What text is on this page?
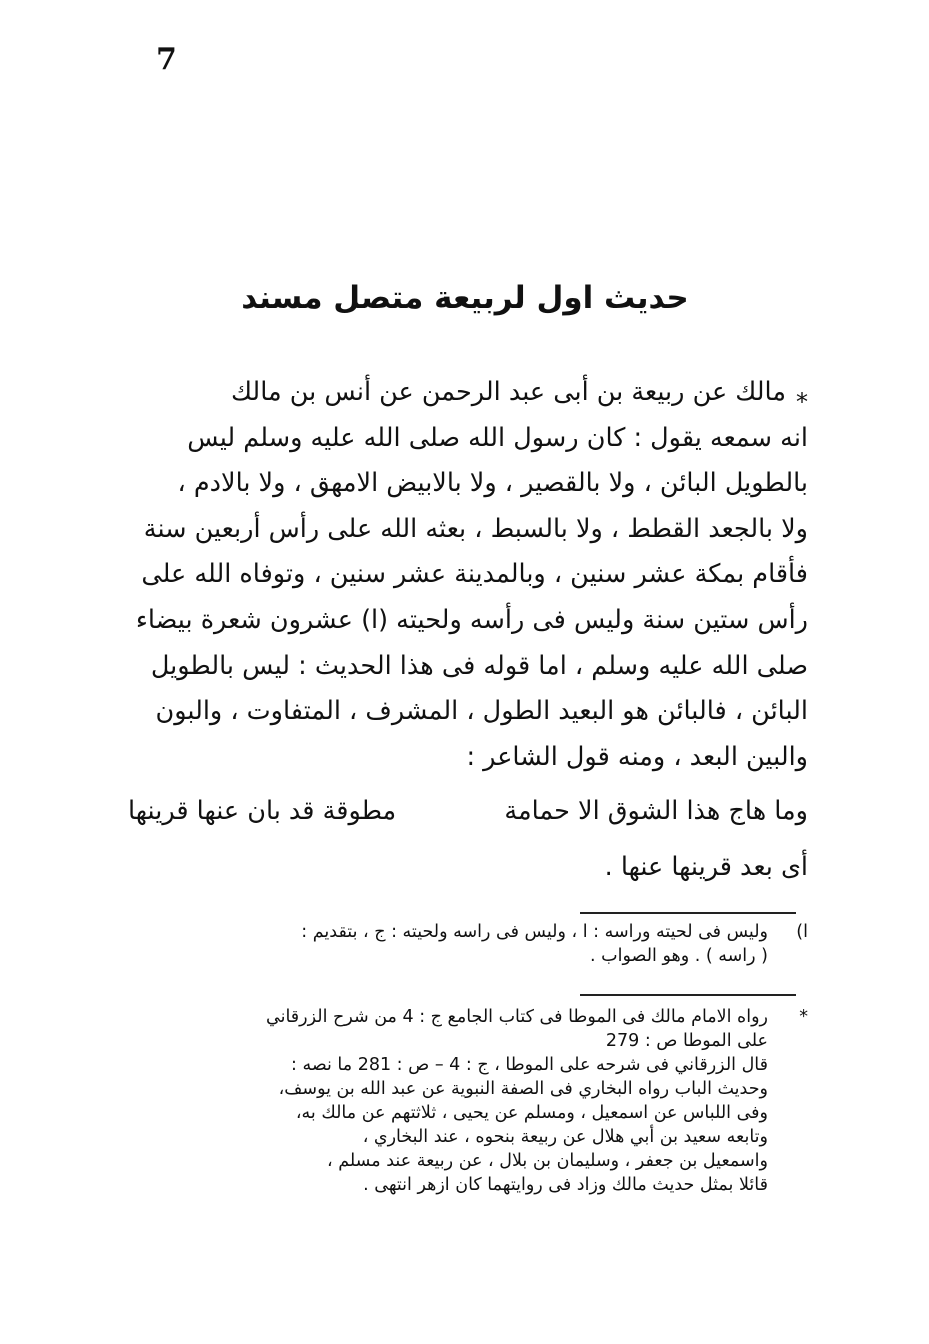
7
حديث اول لربيعة متصل مسند
*مالك عن ربيعة بن أبى عبد الرحمن عن أنس بن مالك
انه سمعه يقول : كان رسول الله صلى الله عليه وسلم ليس
بالطويل البائن ، ولا بالقصير ، ولا بالابيض الامهق ، ولا بالادم ،
ولا بالجعد القطط ، ولا بالسبط ، بعثه الله على رأس أربعين سنة
فأقام بمكة عشر سنين ، وبالمدينة عشر سنين ، وتوفاه الله على
رأس ستين سنة وليس فى رأسه ولحيته (ا) عشرون شعرة بيضاء
صلى الله عليه وسلم ، اما قوله فى هذا الحديث : ليس بالطويل
البائن ، فالبائن هو البعيد الطول ، المشرف ، المتفاوت ، والبون
والبين البعد ، ومنه قول الشاعر :
وما هاج هذا الشوق الا حمامة
مطوقة قد بان عنها قرينها
أى بعد قرينها عنها .
ا)وليس فى لحيته وراسه : ا ، وليس فى راسه ولحيته : ج ، بتقديم :
( راسه ) . وهو الصواب .
*رواه الامام مالك فى الموطا فى كتاب الجامع ج : 4 من شرح الزرقاني
على الموطا ص : 279
قال الزرقاني فى شرحه على الموطا ، ج : 4 – ص : 281 ما نصه :
وحديث الباب رواه البخاري فى الصفة النبوية عن عبد الله بن يوسف،
وفى اللباس عن اسمعيل ، ومسلم عن يحيى ، ثلاثتهم عن مالك به،
وتابعه سعيد بن أبي هلال عن ربيعة بنحوه ، عند البخاري ،
واسمعيل بن جعفر ، وسليمان بن بلال ، عن ربيعة عند مسلم ،
قائلا بمثل حديث مالك وزاد فى روايتهما كان ازهر انتهى .
